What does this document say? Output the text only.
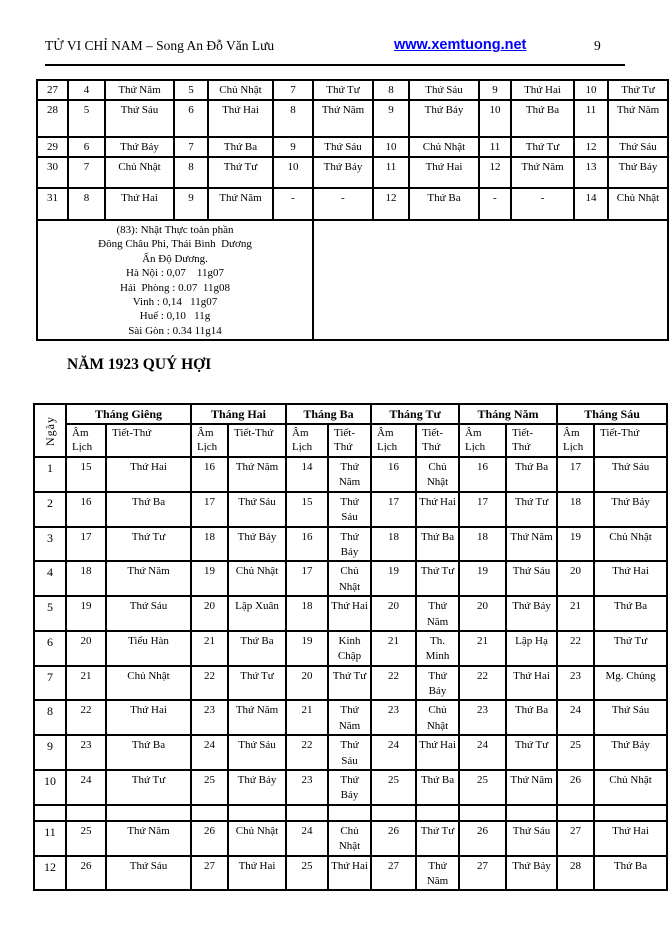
TỬ VI CHỈ NAM – Song An Đỗ Văn Lưu	www.xemtuong.net	9
27	4	Thứ Năm	5	Chủ Nhật	7	Thứ Tư	8	Thứ Sáu	9	Thứ Hai	10	Thứ Tư
28	5	Thứ Sáu	6	Thứ Hai	8	Thứ Năm	9	Thứ Bảy	10	Thứ Ba	11	Thứ Năm
29	6	Thứ Bảy	7	Thứ Ba	9	Thứ Sáu	10	Chủ Nhật	11	Thứ Tư	12	Thứ Sáu
30	7	Chủ Nhật	8	Thứ Tư	10	Thứ Bảy	11	Thứ Hai	12	Thứ Năm	13	Thứ Bảy
31	8	Thứ Hai	9	Thứ Năm	-	-	12	Thứ Ba	-	-	14	Chủ Nhật

(83): Nhật Thực toàn phần
Đông Châu Phi, Thái Bình  Dương
Ấn Độ Dương.
Hà Nội : 0,07    11g07
Hải  Phòng : 0.07  11g08
Vinh : 0,14   11g07
Huế : 0,10   11g
Sài Gòn : 0.34 11g14

NĂM 1923 QUÝ HỢI
Ngày	Tháng Giêng		Tháng Hai		Tháng Ba		Tháng Tư		Tháng Năm		Tháng Sáu	
	Âm Lịch	Tiết-Thứ	Âm Lịch	Tiết-Thứ	Âm Lịch	Tiết-Thứ	Âm Lịch	Tiết-Thứ	Âm Lịch	Tiết-Thứ	Âm Lịch	Tiết-Thứ
1	15	Thứ Hai	16	Thứ Năm	14	Thứ Năm	16	Chủ Nhật	16	Thứ Ba	17	Thứ Sáu
2	16	Thứ Ba	17	Thứ Sáu	15	Thứ Sáu	17	Thứ Hai	17	Thứ Tư	18	Thứ Bảy
3	17	Thứ Tư	18	Thứ Bảy	16	Thứ Bảy	18	Thứ Ba	18	Thứ Năm	19	Chủ Nhật
4	18	Thứ Năm	19	Chủ Nhật	17	Chủ Nhật	19	Thứ Tư	19	Thứ Sáu	20	Thứ Hai
5	19	Thứ Sáu	20	Lập Xuân	18	Thứ Hai	20	Thứ Năm	20	Thứ Bảy	21	Thứ Ba
6	20	Tiểu Hàn	21	Thứ Ba	19	Kinh Chập	21	Th. Minh	21	Lập Hạ	22	Thứ Tư
7	21	Chủ Nhật	22	Thứ Tư	20	Thứ Tư	22	Thứ Bảy	22	Thứ Hai	23	Mg. Chủng
8	22	Thứ Hai	23	Thứ Năm	21	Thứ Năm	23	Chủ Nhật	23	Thứ Ba	24	Thứ Sáu
9	23	Thứ Ba	24	Thứ Sáu	22	Thứ Sáu	24	Thứ Hai	24	Thứ Tư	25	Thứ Bảy
10	24	Thứ Tư	25	Thứ Bảy	23	Thứ Bảy	25	Thứ Ba	25	Thứ Năm	26	Chủ Nhật

11	25	Thứ Năm	26	Chủ Nhật	24	Chủ Nhật	26	Thứ Tư	26	Thứ Sáu	27	Thứ Hai
12	26	Thứ Sáu	27	Thứ Hai	25	Thứ Hai	27	Thứ Năm	27	Thứ Bảy	28	Thứ Ba
